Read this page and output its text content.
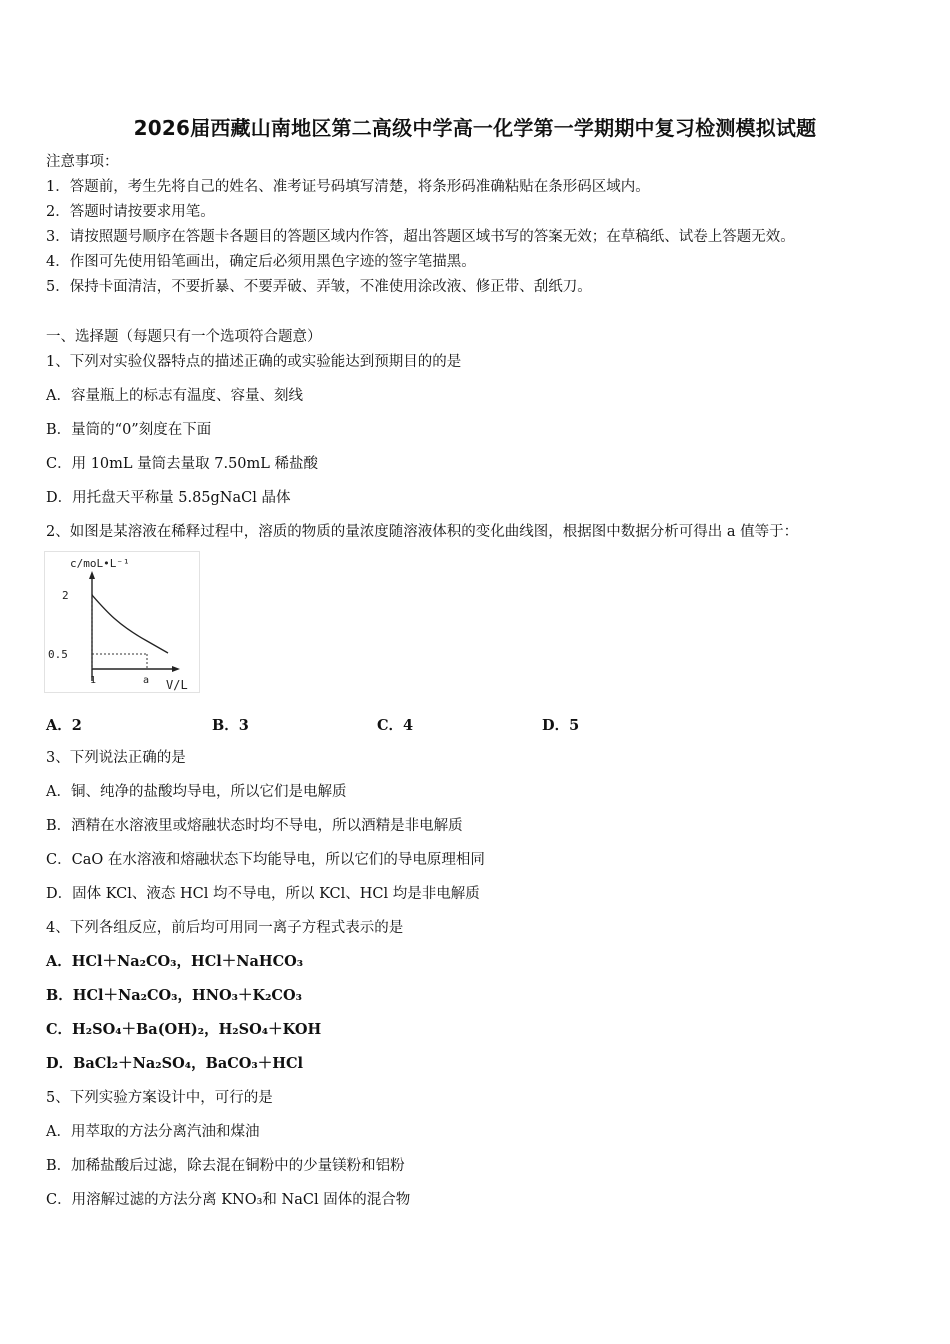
2026届西藏山南地区第二高级中学高一化学第一学期期中复习检测模拟试题
注意事项：
1．答题前，考生先将自己的姓名、准考证号码填写清楚，将条形码准确粘贴在条形码区域内。
2．答题时请按要求用笔。
3．请按照题号顺序在答题卡各题目的答题区域内作答，超出答题区域书写的答案无效；在草稿纸、试卷上答题无效。
4．作图可先使用铅笔画出，确定后必须用黑色字迹的签字笔描黑。
5．保持卡面清洁，不要折暴、不要弄破、弄皱，不准使用涂改液、修正带、刮纸刀。
一、选择题（每题只有一个选项符合题意）
1、下列对实验仪器特点的描述正确的或实验能达到预期目的的是
A．容量瓶上的标志有温度、容量、刻线
B．量筒的“0”刻度在下面
C．用 10mL 量筒去量取 7.50mL 稀盐酸
D．用托盘天平称量 5.85gNaCl 晶体
2、如图是某溶液在稀释过程中，溶质的物质的量浓度随溶液体积的变化曲线图，根据图中数据分析可得出 a 值等于：
c/moL•L⁻¹
V/L
2
0.5
1	a
A．2	B．3	C．4	D．5
3、下列说法正确的是
A．铜、纯净的盐酸均导电，所以它们是电解质
B．酒精在水溶液里或熔融状态时均不导电，所以酒精是非电解质
C．CaO 在水溶液和熔融状态下均能导电，所以它们的导电原理相同
D．固体 KCl、液态 HCl 均不导电，所以 KCl、HCl 均是非电解质
4、下列各组反应，前后均可用同一离子方程式表示的是
A．HCl＋Na₂CO₃，HCl＋NaHCO₃
B．HCl＋Na₂CO₃，HNO₃＋K₂CO₃
C．H₂SO₄＋Ba(OH)₂，H₂SO₄＋KOH
D．BaCl₂＋Na₂SO₄，BaCO₃＋HCl
5、下列实验方案设计中，可行的是
A．用萃取的方法分离汽油和煤油
B．加稀盐酸后过滤，除去混在铜粉中的少量镁粉和铝粉
C．用溶解过滤的方法分离 KNO₃和 NaCl 固体的混合物
